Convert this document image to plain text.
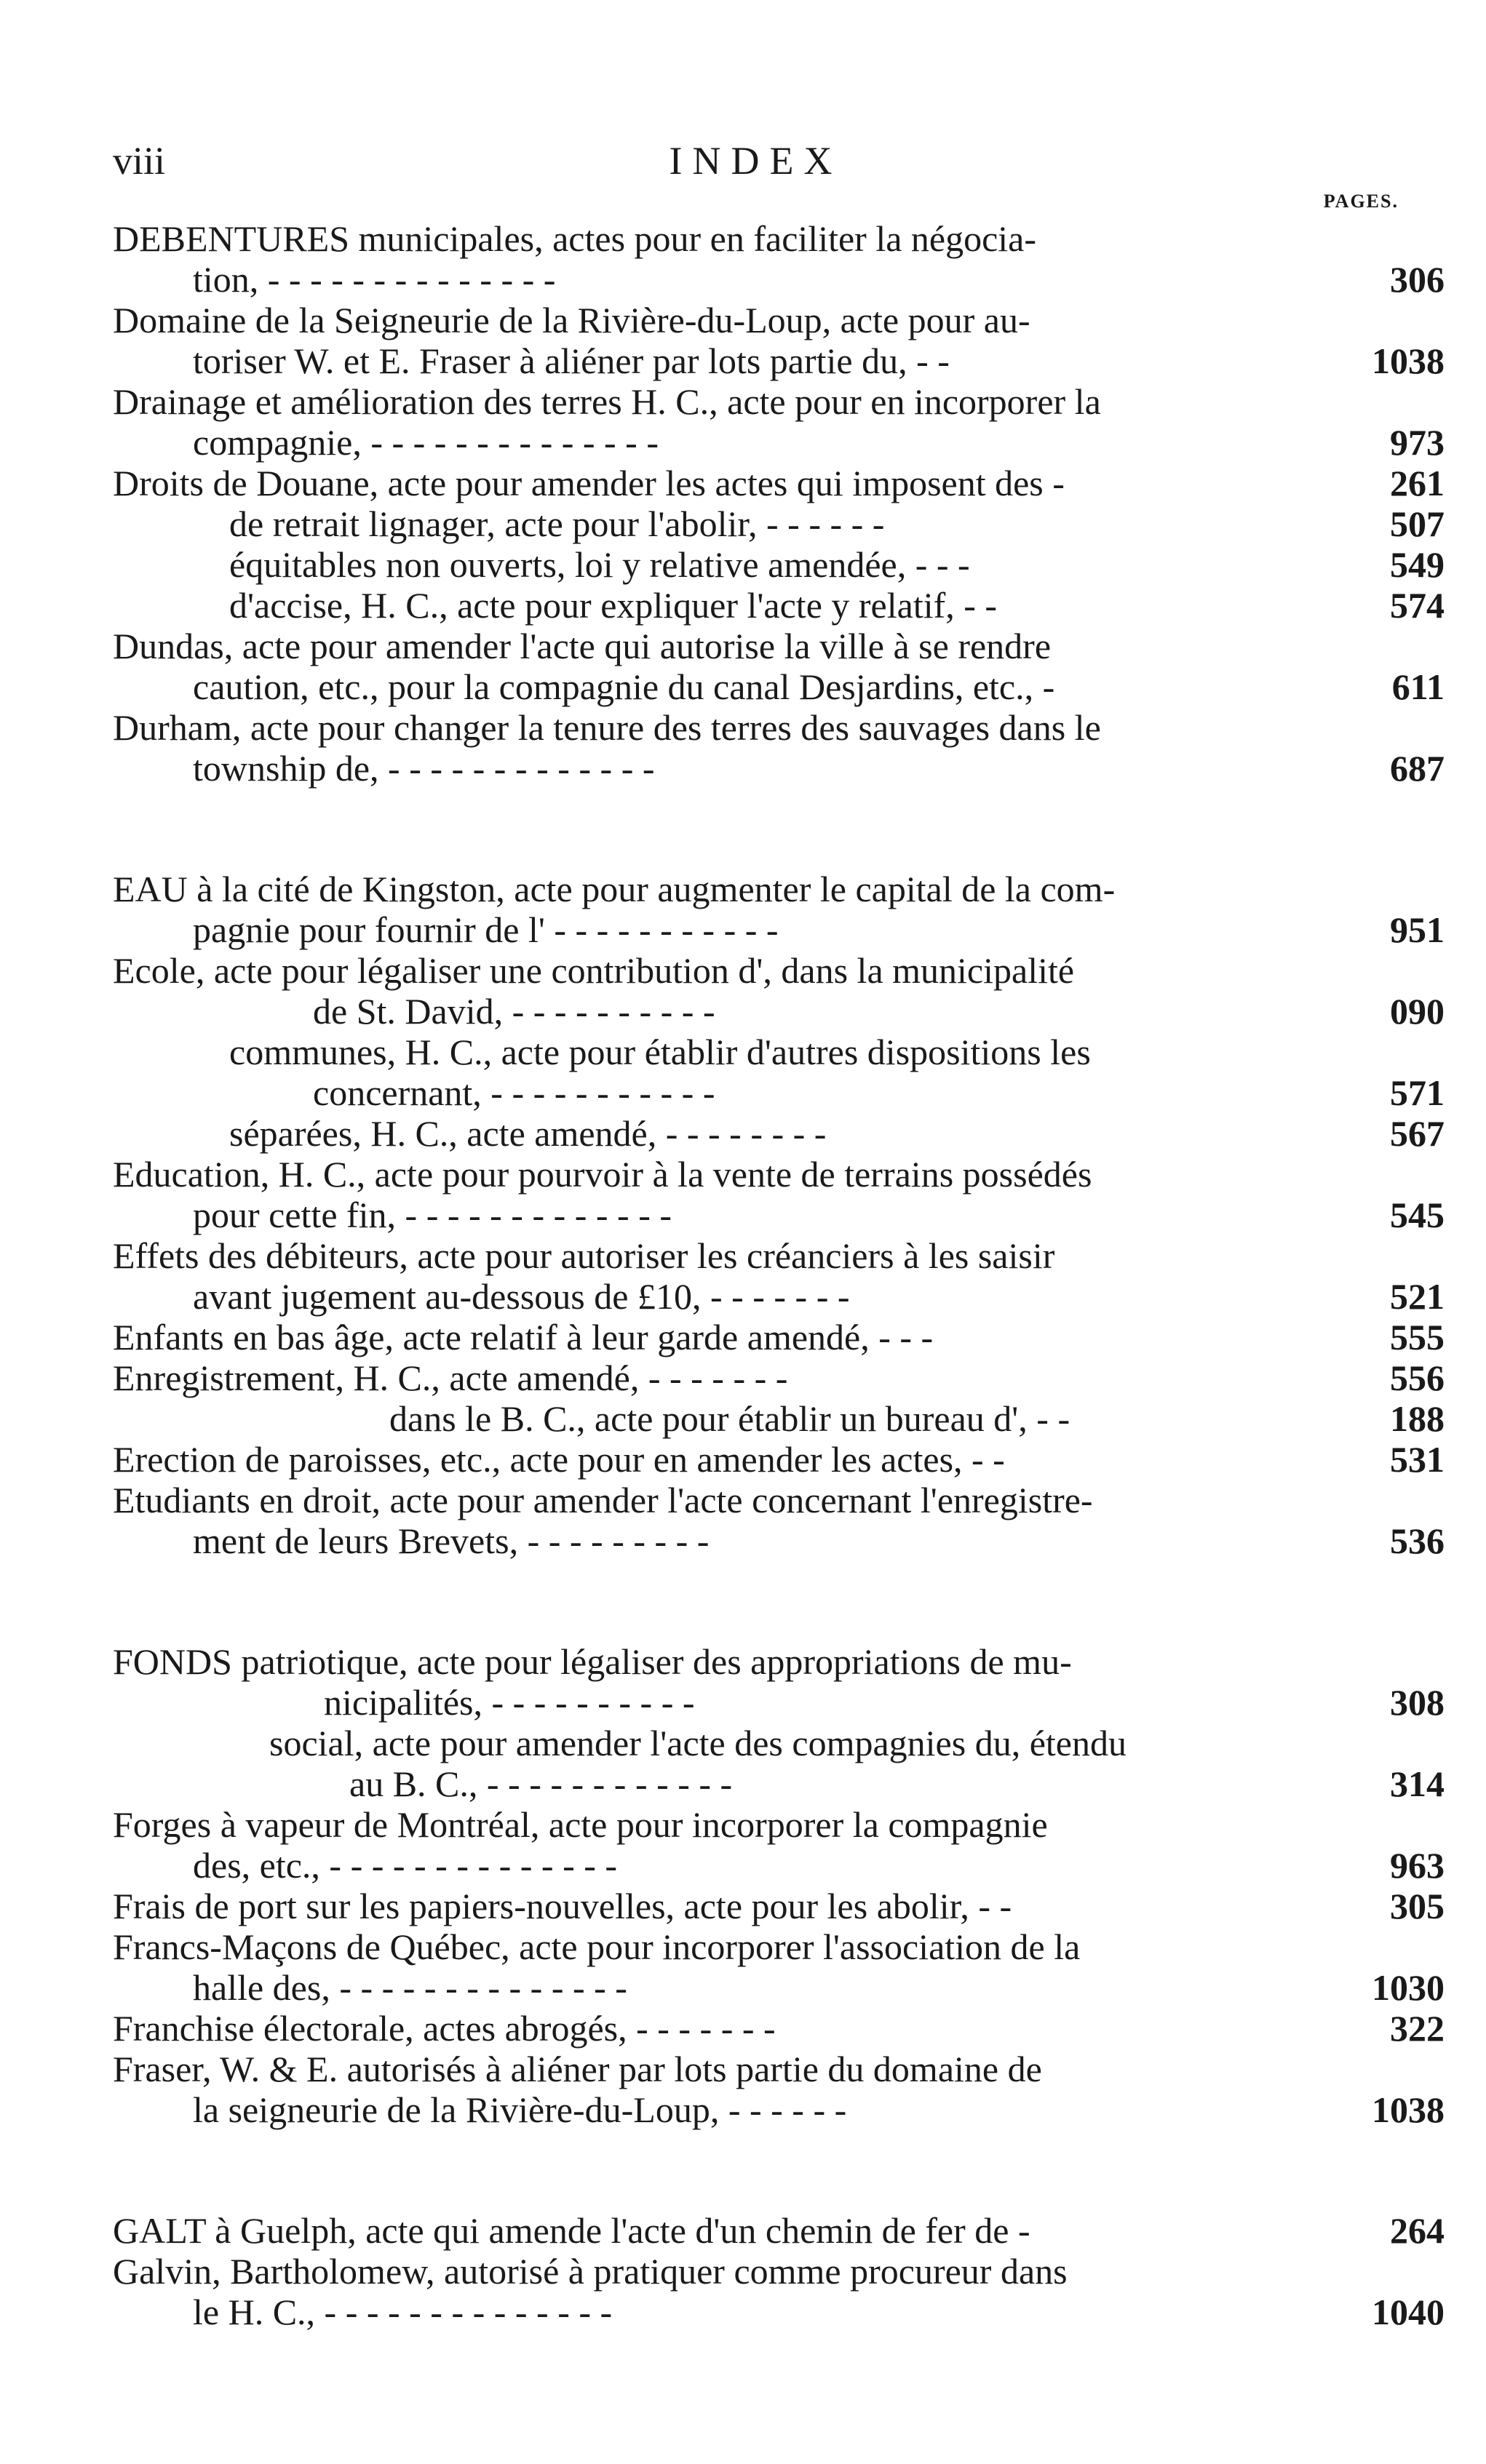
viii	INDEX
PAGES.
DEBENTURES municipales, actes pour en faciliter la négocia-
tion, - - - - - - - - - - - - - -	306
Domaine de la Seigneurie de la Rivière-du-Loup, acte pour au-
toriser W. et E. Fraser à aliéner par lots partie du, - -	1038
Drainage et amélioration des terres H. C., acte pour en incorporer la
compagnie, - - - - - - - - - - - - - -	973
Droits de Douane, acte pour amender les actes qui imposent des -	261
de retrait lignager, acte pour l'abolir, - - - - - -	507
équitables non ouverts, loi y relative amendée, - - -	549
d'accise, H. C., acte pour expliquer l'acte y relatif, - -	574
Dundas, acte pour amender l'acte qui autorise la ville à se rendre
caution, etc., pour la compagnie du canal Desjardins, etc., -	611
Durham, acte pour changer la tenure des terres des sauvages dans le
township de, - - - - - - - - - - - - -	687
EAU à la cité de Kingston, acte pour augmenter le capital de la com-
pagnie pour fournir de l' - - - - - - - - - - -	951
Ecole, acte pour légaliser une contribution d', dans la municipalité
de St. David, - - - - - - - - - -	090
communes, H. C., acte pour établir d'autres dispositions les
concernant, - - - - - - - - - - -	571
séparées, H. C., acte amendé, - - - - - - - -	567
Education, H. C., acte pour pourvoir à la vente de terrains possédés
pour cette fin, - - - - - - - - - - - - -	545
Effets des débiteurs, acte pour autoriser les créanciers à les saisir
avant jugement au-dessous de £10, - - - - - - -	521
Enfants en bas âge, acte relatif à leur garde amendé, - - -	555
Enregistrement, H. C., acte amendé, - - - - - - -	556
dans le B. C., acte pour établir un bureau d', - -	188
Erection de paroisses, etc., acte pour en amender les actes, - -	531
Etudiants en droit, acte pour amender l'acte concernant l'enregistre-
ment de leurs Brevets, - - - - - - - - -	536
FONDS patriotique, acte pour légaliser des appropriations de mu-
nicipalités, - - - - - - - - - -	308
social, acte pour amender l'acte des compagnies du, étendu
au B. C., - - - - - - - - - - - -	314
Forges à vapeur de Montréal, acte pour incorporer la compagnie
des, etc., - - - - - - - - - - - - - -	963
Frais de port sur les papiers-nouvelles, acte pour les abolir, - -	305
Francs-Maçons de Québec, acte pour incorporer l'association de la
halle des, - - - - - - - - - - - - - -	1030
Franchise électorale, actes abrogés, - - - - - - -	322
Fraser, W. & E. autorisés à aliéner par lots partie du domaine de
la seigneurie de la Rivière-du-Loup, - - - - - -	1038
GALT à Guelph, acte qui amende l'acte d'un chemin de fer de -	264
Galvin, Bartholomew, autorisé à pratiquer comme procureur dans
le H. C., - - - - - - - - - - - - - -	1040
